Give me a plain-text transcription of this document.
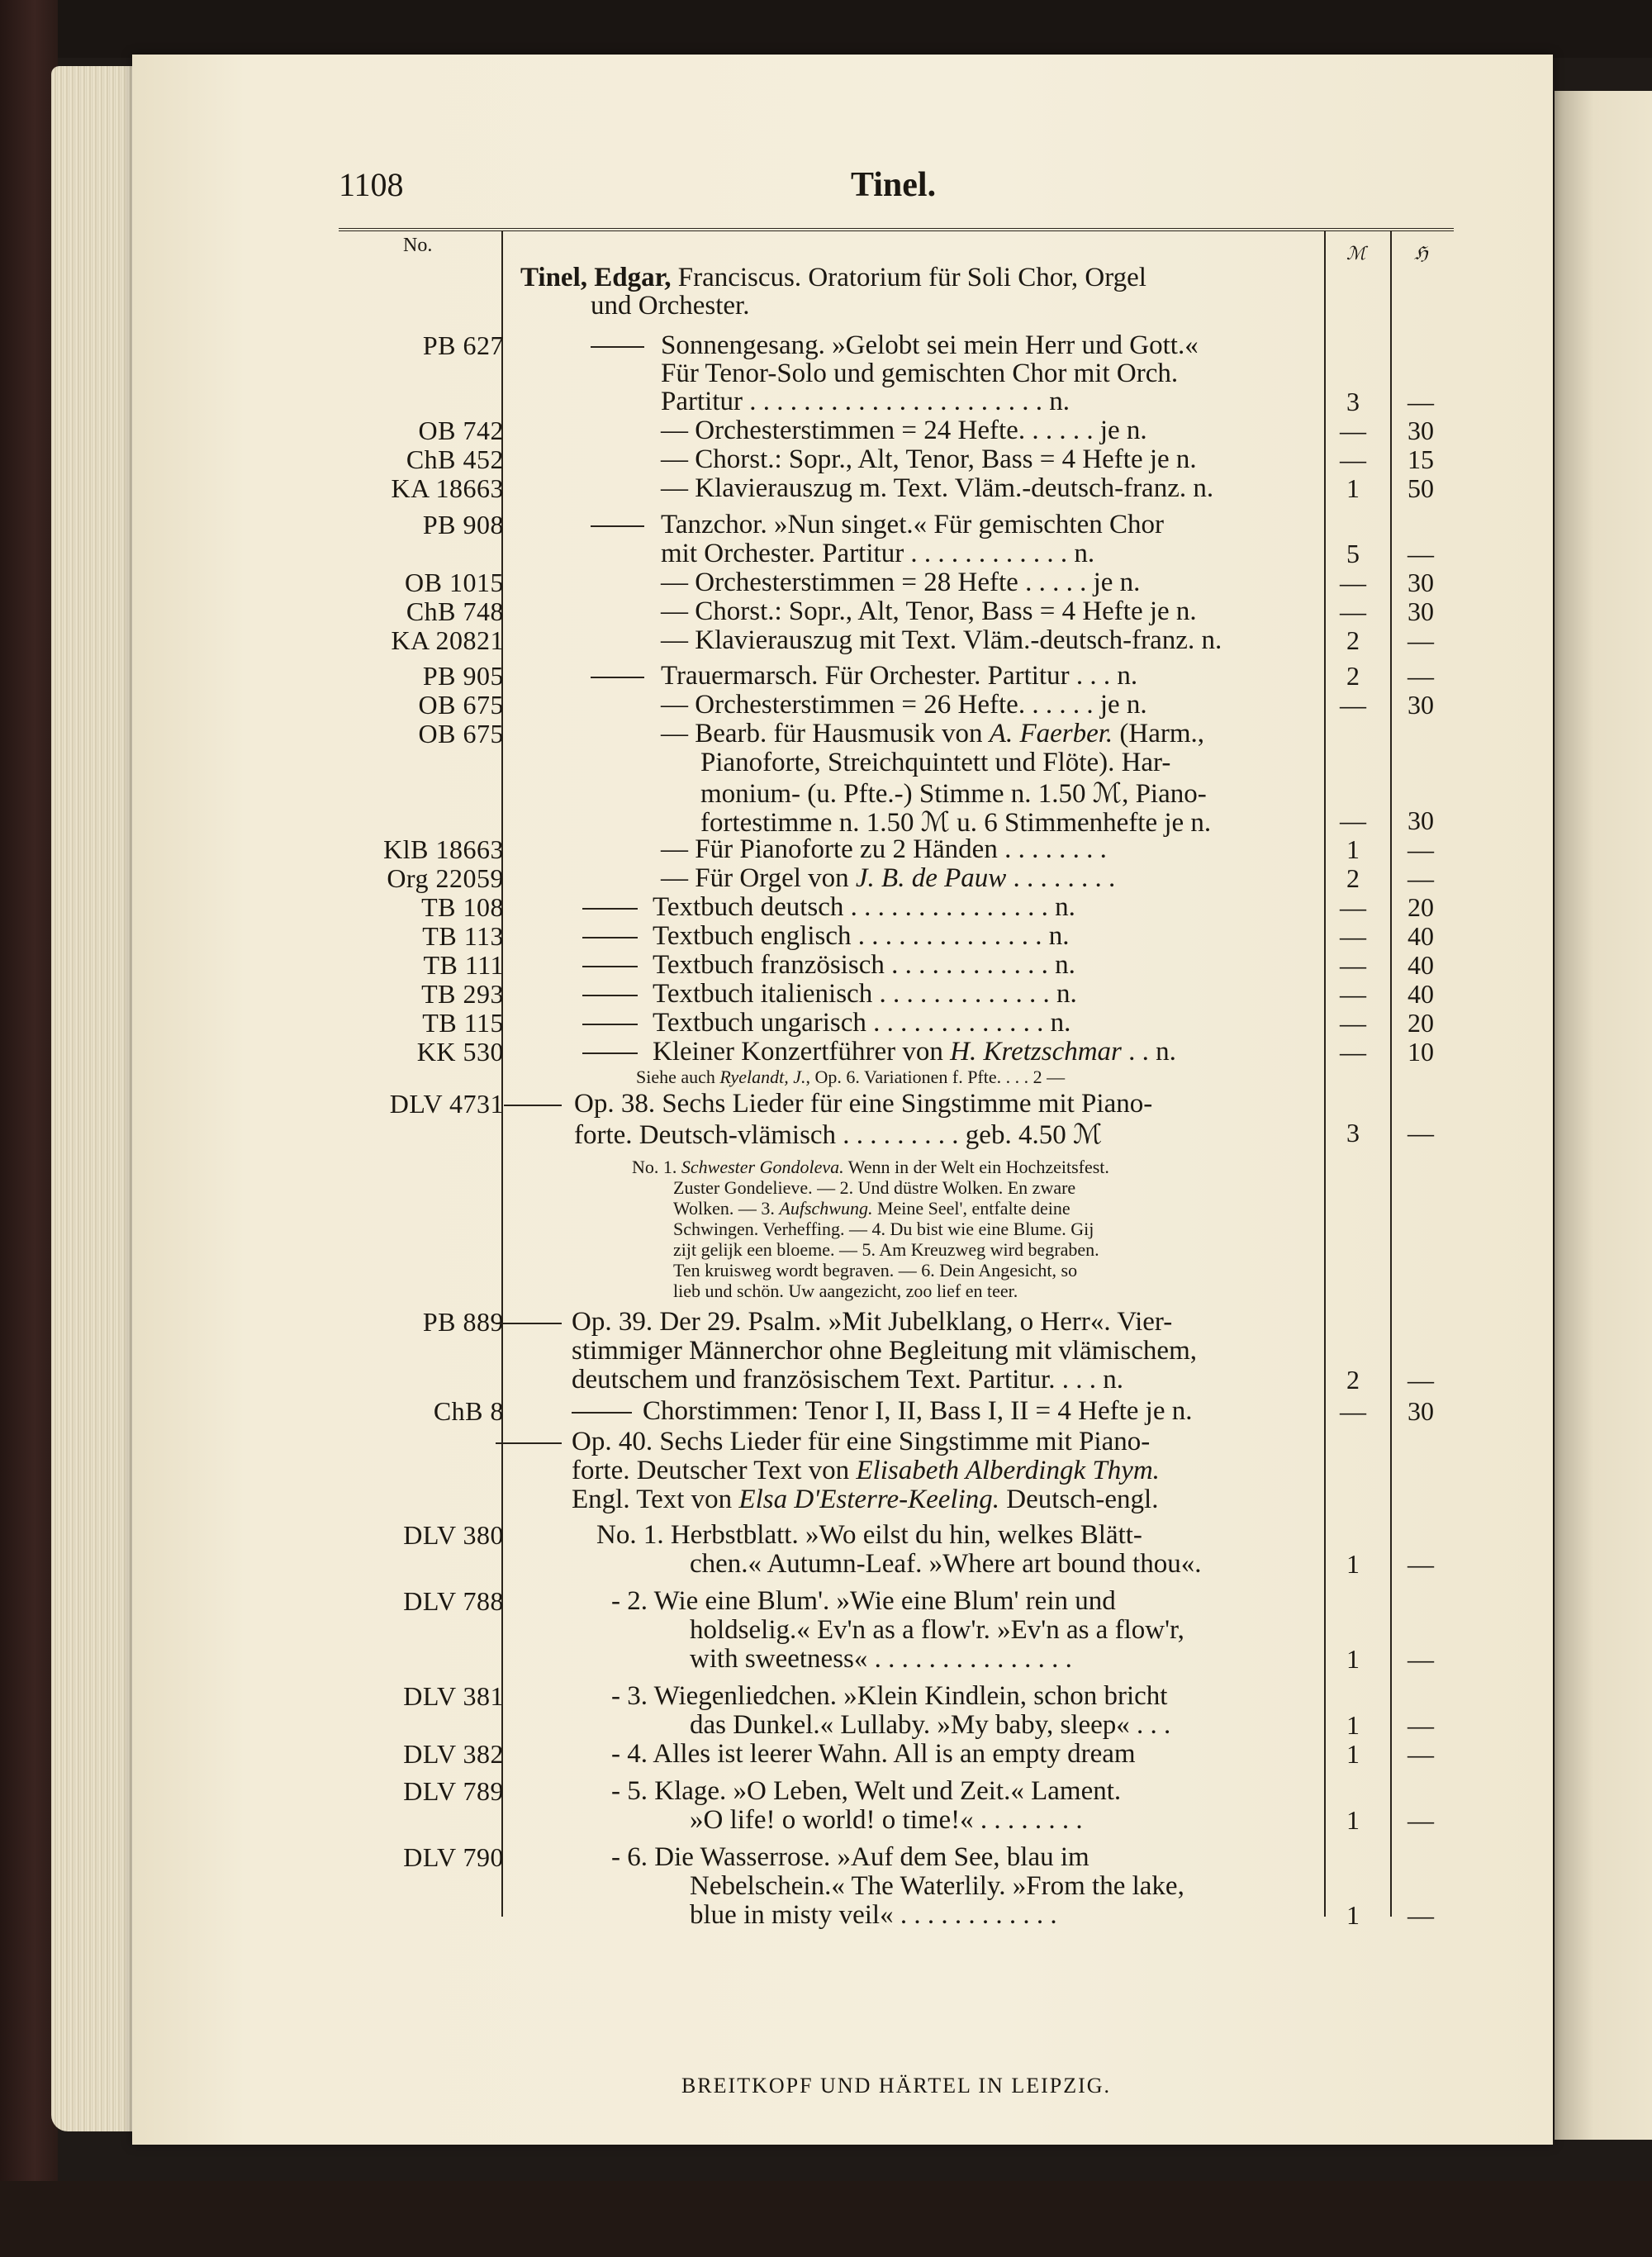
1108	Tinel.
No.	ℳ	ℌ
Tinel, Edgar, Franciscus. Oratorium für Soli Chor, Orgel
und Orchester.
PB 627	Sonnengesang. »Gelobt sei mein Herr und Gott.«
Für Tenor-Solo und gemischten Chor mit Orch.
Partitur . . . . . . . . . . . . . . . . . . . . . . n.	3	—
OB 742	— Orchesterstimmen = 24 Hefte. . . . . . je n.	—	30
ChB 452	— Chorst.: Sopr., Alt, Tenor, Bass = 4 Hefte je n.	—	15
KA 18663	— Klavierauszug m. Text. Vläm.-deutsch-franz. n.	1	50
PB 908	Tanzchor. »Nun singet.« Für gemischten Chor
mit Orchester. Partitur . . . . . . . . . . . . n.	5	—
OB 1015	— Orchesterstimmen = 28 Hefte . . . . . je n.	—	30
ChB 748	— Chorst.: Sopr., Alt, Tenor, Bass = 4 Hefte je n.	—	30
KA 20821	— Klavierauszug mit Text. Vläm.-deutsch-franz. n.	2	—
PB 905	Trauermarsch. Für Orchester. Partitur . . . n.	2	—
OB 675	— Orchesterstimmen = 26 Hefte. . . . . . je n.	—	30
OB 675	— Bearb. für Hausmusik von A. Faerber. (Harm.,
Pianoforte, Streichquintett und Flöte). Har-
monium- (u. Pfte.-) Stimme n. 1.50 ℳ, Piano-
fortestimme n. 1.50 ℳ u. 6 Stimmenhefte je n.	—	30
KlB 18663	— Für Pianoforte zu 2 Händen . . . . . . . .	1	—
Org 22059	— Für Orgel von J. B. de Pauw . . . . . . . .	2	—
TB 108	Textbuch deutsch . . . . . . . . . . . . . . . n.	—	20
TB 113	Textbuch englisch . . . . . . . . . . . . . . n.	—	40
TB 111	Textbuch französisch . . . . . . . . . . . . n.	—	40
TB 293	Textbuch italienisch . . . . . . . . . . . . . n.	—	40
TB 115	Textbuch ungarisch . . . . . . . . . . . . . n.	—	20
KK 530	Kleiner Konzertführer von H. Kretzschmar . . n.	—	10
Siehe auch Ryelandt, J., Op. 6. Variationen f. Pfte. . . . 2 —
DLV 4731	Op. 38. Sechs Lieder für eine Singstimme mit Piano-
forte. Deutsch-vlämisch . . . . . . . . . geb. 4.50 ℳ	3	—
No. 1. Schwester Gondoleva. Wenn in der Welt ein Hochzeitsfest.
Zuster Gondelieve. — 2. Und düstre Wolken. En zware
Wolken. — 3. Aufschwung. Meine Seel', entfalte deine
Schwingen. Verheffing. — 4. Du bist wie eine Blume. Gij
zijt gelijk een bloeme. — 5. Am Kreuzweg wird begraben.
Ten kruisweg wordt begraven. — 6. Dein Angesicht, so
lieb und schön. Uw aangezicht, zoo lief en teer.
PB 889 Op. 39. Der 29. Psalm. »Mit Jubelklang, o Herr«. Vier-
stimmiger Männerchor ohne Begleitung mit vlämischem,
deutschem und französischem Text. Partitur. . . . n.	2	—
ChB 8	Chorstimmen: Tenor I, II, Bass I, II = 4 Hefte je n.	—	30
Op. 40. Sechs Lieder für eine Singstimme mit Piano-
forte. Deutscher Text von Elisabeth Alberdingk Thym.
Engl. Text von Elsa D'Esterre-Keeling. Deutsch-engl.
DLV 380	No. 1. Herbstblatt. »Wo eilst du hin, welkes Blätt-
chen.« Autumn-Leaf. »Where art bound thou«.	1	—
DLV 788	- 2. Wie eine Blum'. »Wie eine Blum' rein und
holdselig.« Ev'n as a flow'r. »Ev'n as a flow'r,
with sweetness« . . . . . . . . . . . . . . .	1	—
DLV 381	- 3. Wiegenliedchen. »Klein Kindlein, schon bricht
das Dunkel.« Lullaby. »My baby, sleep« . . .	1	—
DLV 382	- 4. Alles ist leerer Wahn. All is an empty dream	1	—
DLV 789	- 5. Klage. »O Leben, Welt und Zeit.« Lament.
»O life! o world! o time!« . . . . . . . .	1	—
DLV 790	- 6. Die Wasserrose. »Auf dem See, blau im
Nebelschein.« The Waterlily. »From the lake,
blue in misty veil« . . . . . . . . . . . .	1	—
BREITKOPF UND HÄRTEL IN LEIPZIG.
